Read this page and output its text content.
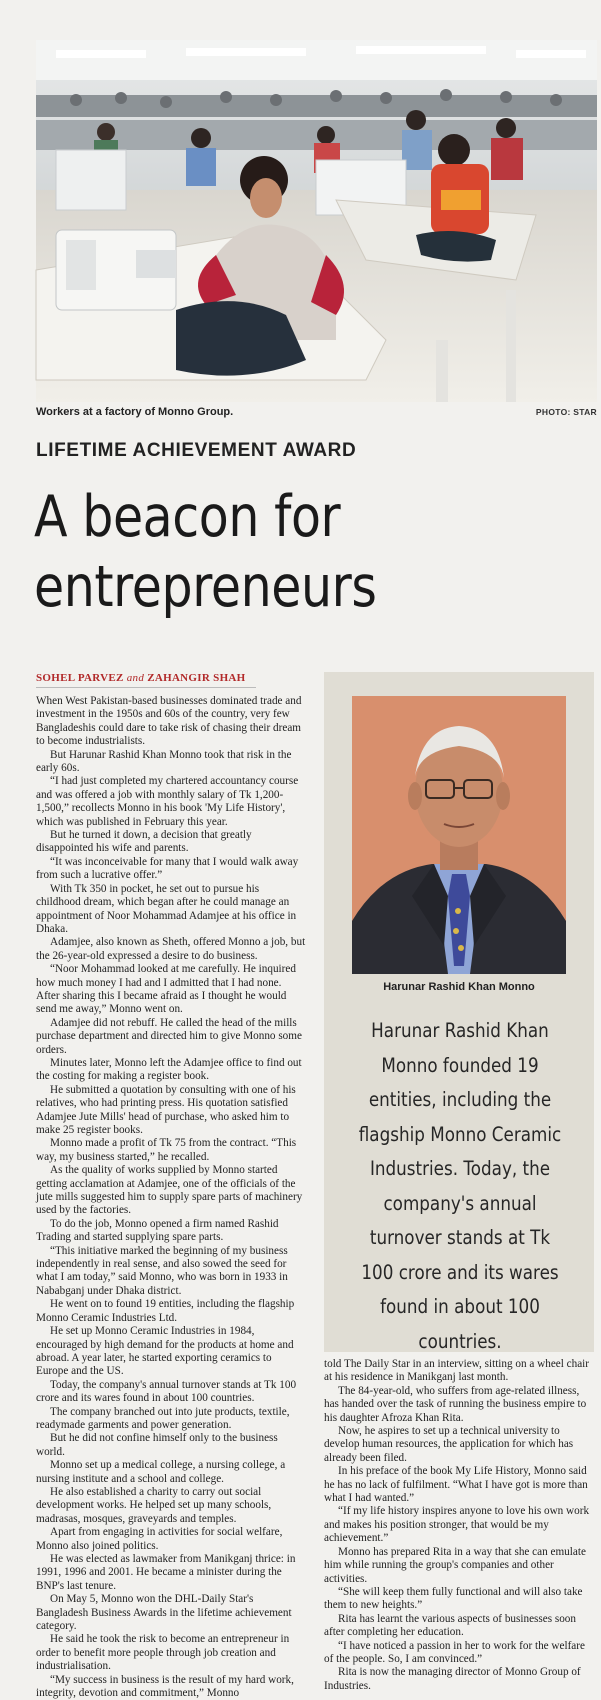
Workers at a factory of Monno Group.	PHOTO: STAR
LIFETIME ACHIEVEMENT AWARD
A beacon for
entrepreneurs
SOHEL PARVEZ and ZAHANGIR SHAH

When West Pakistan-based businesses dominated trade and investment in the 1950s and 60s of the country, very few Bangladeshis could dare to take risk of chasing their dream to become industrialists.

But Harunar Rashid Khan Monno took that risk in the early 60s.

“I had just completed my chartered accountancy course and was offered a job with monthly salary of Tk 1,200-1,500,” recollects Monno in his book 'My Life History', which was published in February this year.

But he turned it down, a decision that greatly disappointed his wife and parents.

“It was inconceivable for many that I would walk away from such a lucrative offer.”

With Tk 350 in pocket, he set out to pursue his childhood dream, which began after he could manage an appointment of Noor Mohammad Adamjee at his office in Dhaka.

Adamjee, also known as Sheth, offered Monno a job, but the 26-year-old expressed a desire to do business.

“Noor Mohammad looked at me carefully. He inquired how much money I had and I admitted that I had none. After sharing this I became afraid as I thought he would send me away,” Monno went on.

Adamjee did not rebuff. He called the head of the mills purchase department and directed him to give Monno some orders.

Minutes later, Monno left the Adamjee office to find out the costing for making a register book.

He submitted a quotation by consulting with one of his relatives, who had printing press. His quotation satisfied Adamjee Jute Mills' head of purchase, who asked him to make 25 register books.

Monno made a profit of Tk 75 from the contract. “This way, my business started,” he recalled.

As the quality of works supplied by Monno started getting acclamation at Adamjee, one of the officials of the jute mills suggested him to supply spare parts of machinery used by the factories.

To do the job, Monno opened a firm named Rashid Trading and started supplying spare parts.

“This initiative marked the beginning of my business independently in real sense, and also sowed the seed for what I am today,” said Monno, who was born in 1933 in Nababganj under Dhaka district.

He went on to found 19 entities, including the flagship Monno Ceramic Industries Ltd.

He set up Monno Ceramic Industries in 1984, encouraged by high demand for the products at home and abroad. A year later, he started exporting ceramics to Europe and the US.

Today, the company's annual turnover stands at Tk 100 crore and its wares found in about 100 countries.

The company branched out into jute products, textile, readymade garments and power generation.

But he did not confine himself only to the business world.

Monno set up a medical college, a nursing college, a nursing institute and a school and college.

He also established a charity to carry out social development works. He helped set up many schools, madrasas, mosques, graveyards and temples.

Apart from engaging in activities for social welfare, Monno also joined politics.

He was elected as lawmaker from Manikganj thrice: in 1991, 1996 and 2001. He became a minister during the BNP's last tenure.

On May 5, Monno won the DHL-Daily Star's Bangladesh Business Awards in the lifetime achievement category.

He said he took the risk to become an entrepreneur in order to benefit more people through job creation and industrialisation.

“My success in business is the result of my hard work, integrity, devotion and commitment,” Monno

Harunar Rashid Khan Monno
Harunar Rashid Khan Monno founded 19 entities, including the flagship Monno Ceramic Industries. Today, the company's annual turnover stands at Tk 100 crore and its wares found in about 100 countries.

told The Daily Star in an interview, sitting on a wheel chair at his residence in Manikganj last month.

The 84-year-old, who suffers from age-related illness, has handed over the task of running the business empire to his daughter Afroza Khan Rita.

Now, he aspires to set up a technical university to develop human resources, the application for which has already been filed.

In his preface of the book My Life History, Monno said he has no lack of fulfilment. “What I have got is more than what I had wanted.”

“If my life history inspires anyone to love his own work and makes his position stronger, that would be my achievement.”

Monno has prepared Rita in a way that she can emulate him while running the group's companies and other activities.

“She will keep them fully functional and will also take them to new heights.”

Rita has learnt the various aspects of businesses soon after completing her education.

“I have noticed a passion in her to work for the welfare of the people. So, I am convinced.”

Rita is now the managing director of Monno Group of Industries.
